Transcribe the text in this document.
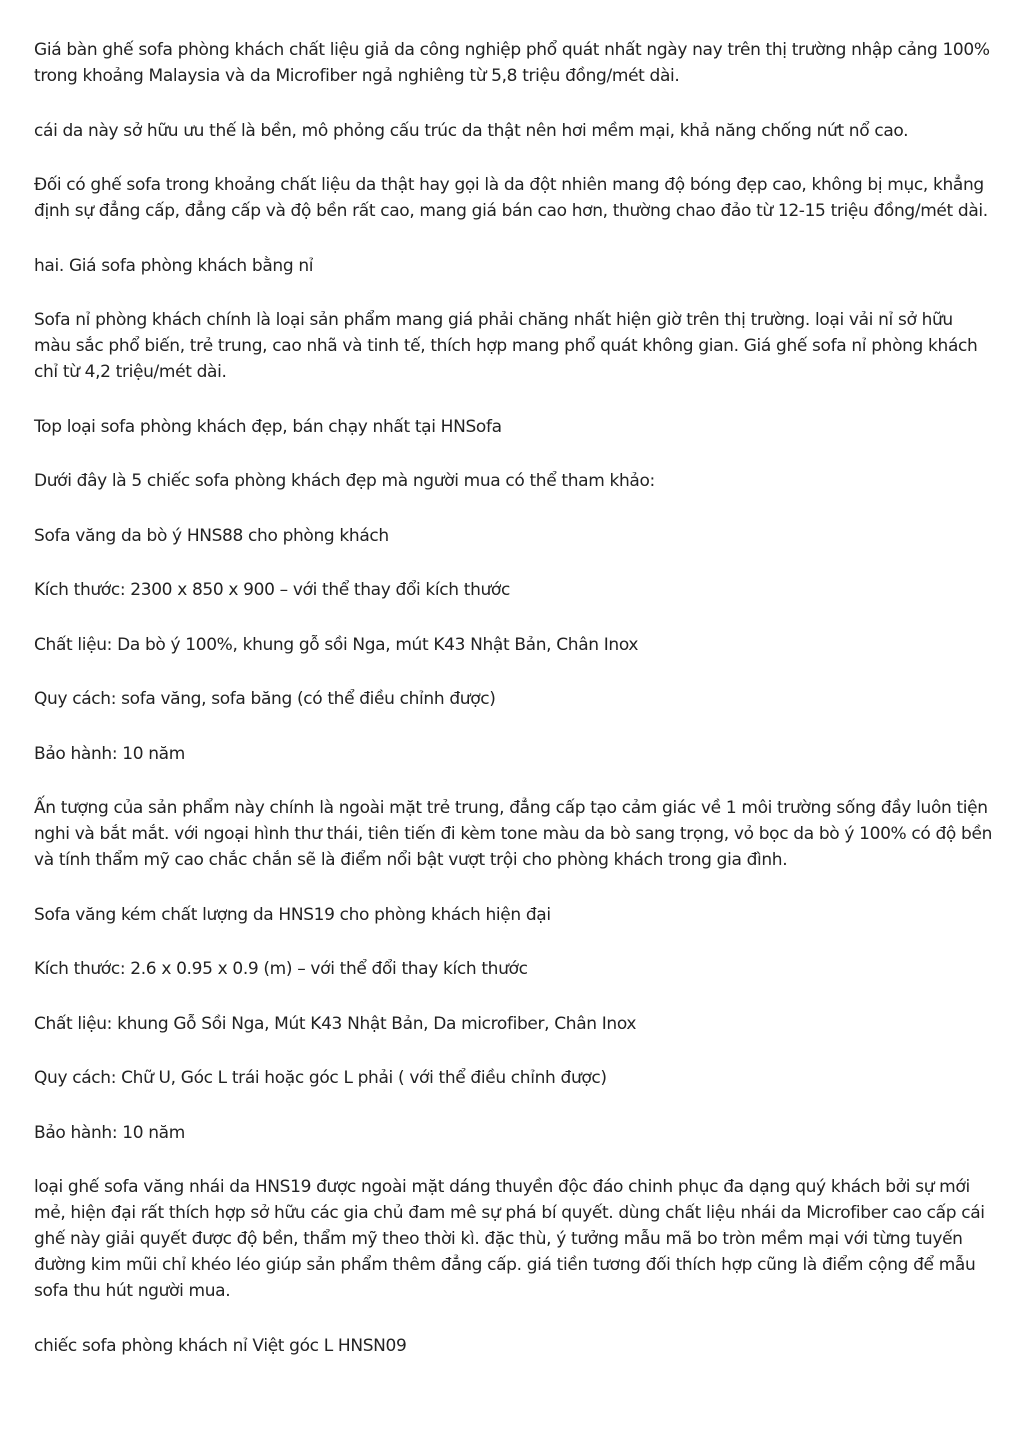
Giá bàn ghế sofa phòng khách chất liệu giả da công nghiệp phổ quát nhất ngày nay trên thị trường nhập cảng 100% trong khoảng Malaysia và da Microfiber ngả nghiêng từ 5,8 triệu đồng/mét dài.

cái da này sở hữu ưu thế là bền, mô phỏng cấu trúc da thật nên hơi mềm mại, khả năng chống nứt nổ cao.

Đối có ghế sofa trong khoảng chất liệu da thật hay gọi là da đột nhiên mang độ bóng đẹp cao, không bị mục, khẳng định sự đẳng cấp, đẳng cấp và độ bền rất cao, mang giá bán cao hơn, thường chao đảo từ 12-15 triệu đồng/mét dài.

hai. Giá sofa phòng khách bằng nỉ

Sofa nỉ phòng khách chính là loại sản phẩm mang giá phải chăng nhất hiện giờ trên thị trường. loại vải nỉ sở hữu màu sắc phổ biến, trẻ trung, cao nhã và tinh tế, thích hợp mang phổ quát không gian. Giá ghế sofa nỉ phòng khách chỉ từ 4,2 triệu/mét dài.

Top loại sofa phòng khách đẹp, bán chạy nhất tại HNSofa

Dưới đây là 5 chiếc sofa phòng khách đẹp mà người mua có thể tham khảo:

Sofa văng da bò ý HNS88 cho phòng khách

Kích thước: 2300 x 850 x 900 – với thể thay đổi kích thước

Chất liệu: Da bò ý 100%, khung gỗ sồi Nga, mút K43 Nhật Bản, Chân Inox

Quy cách: sofa văng, sofa băng (có thể điều chỉnh được)

Bảo hành: 10 năm

Ấn tượng của sản phẩm này chính là ngoài mặt trẻ trung, đẳng cấp tạo cảm giác về 1 môi trường sống đầy luôn tiện nghi và bắt mắt. với ngoại hình thư thái, tiên tiến đi kèm tone màu da bò sang trọng, vỏ bọc da bò ý 100% có độ bền và tính thẩm mỹ cao chắc chắn sẽ là điểm nổi bật vượt trội cho phòng khách trong gia đình.

Sofa văng kém chất lượng da HNS19 cho phòng khách hiện đại

Kích thước: 2.6 x 0.95 x 0.9 (m) – với thể đổi thay kích thước

Chất liệu: khung Gỗ Sồi Nga, Mút K43 Nhật Bản, Da microfiber, Chân Inox

Quy cách: Chữ U, Góc L trái hoặc góc L phải ( với thể điều chỉnh được)

Bảo hành: 10 năm

loại ghế sofa văng nhái da HNS19 được ngoài mặt dáng thuyền độc đáo chinh phục đa dạng quý khách bởi sự mới mẻ, hiện đại rất thích hợp sở hữu các gia chủ đam mê sự phá bí quyết. dùng chất liệu nhái da Microfiber cao cấp cái ghế này giải quyết được độ bền, thẩm mỹ theo thời kì. đặc thù, ý tưởng mẫu mã bo tròn mềm mại với từng tuyến đường kim mũi chỉ khéo léo giúp sản phẩm thêm đẳng cấp. giá tiền tương đối thích hợp cũng là điểm cộng để mẫu sofa thu hút người mua.

chiếc sofa phòng khách nỉ Việt góc L HNSN09
